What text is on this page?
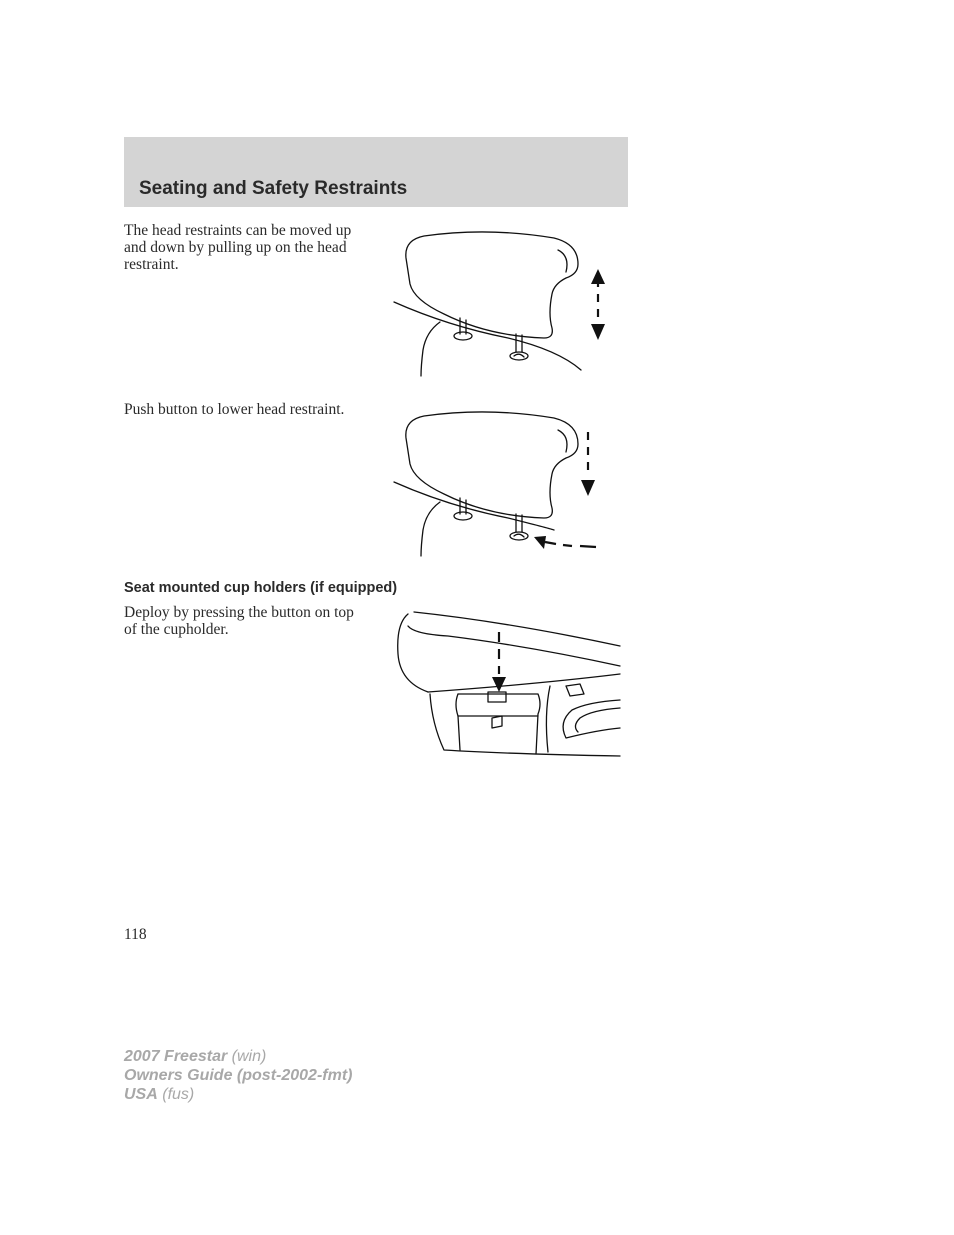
Seating and Safety Restraints

The head restraints can be moved up and down by pulling up on the head restraint.

Push button to lower head restraint.

Seat mounted cup holders (if equipped)

Deploy by pressing the button on top of the cupholder.

118

2007 Freestar (win)
Owners Guide (post-2002-fmt)
USA (fus)
